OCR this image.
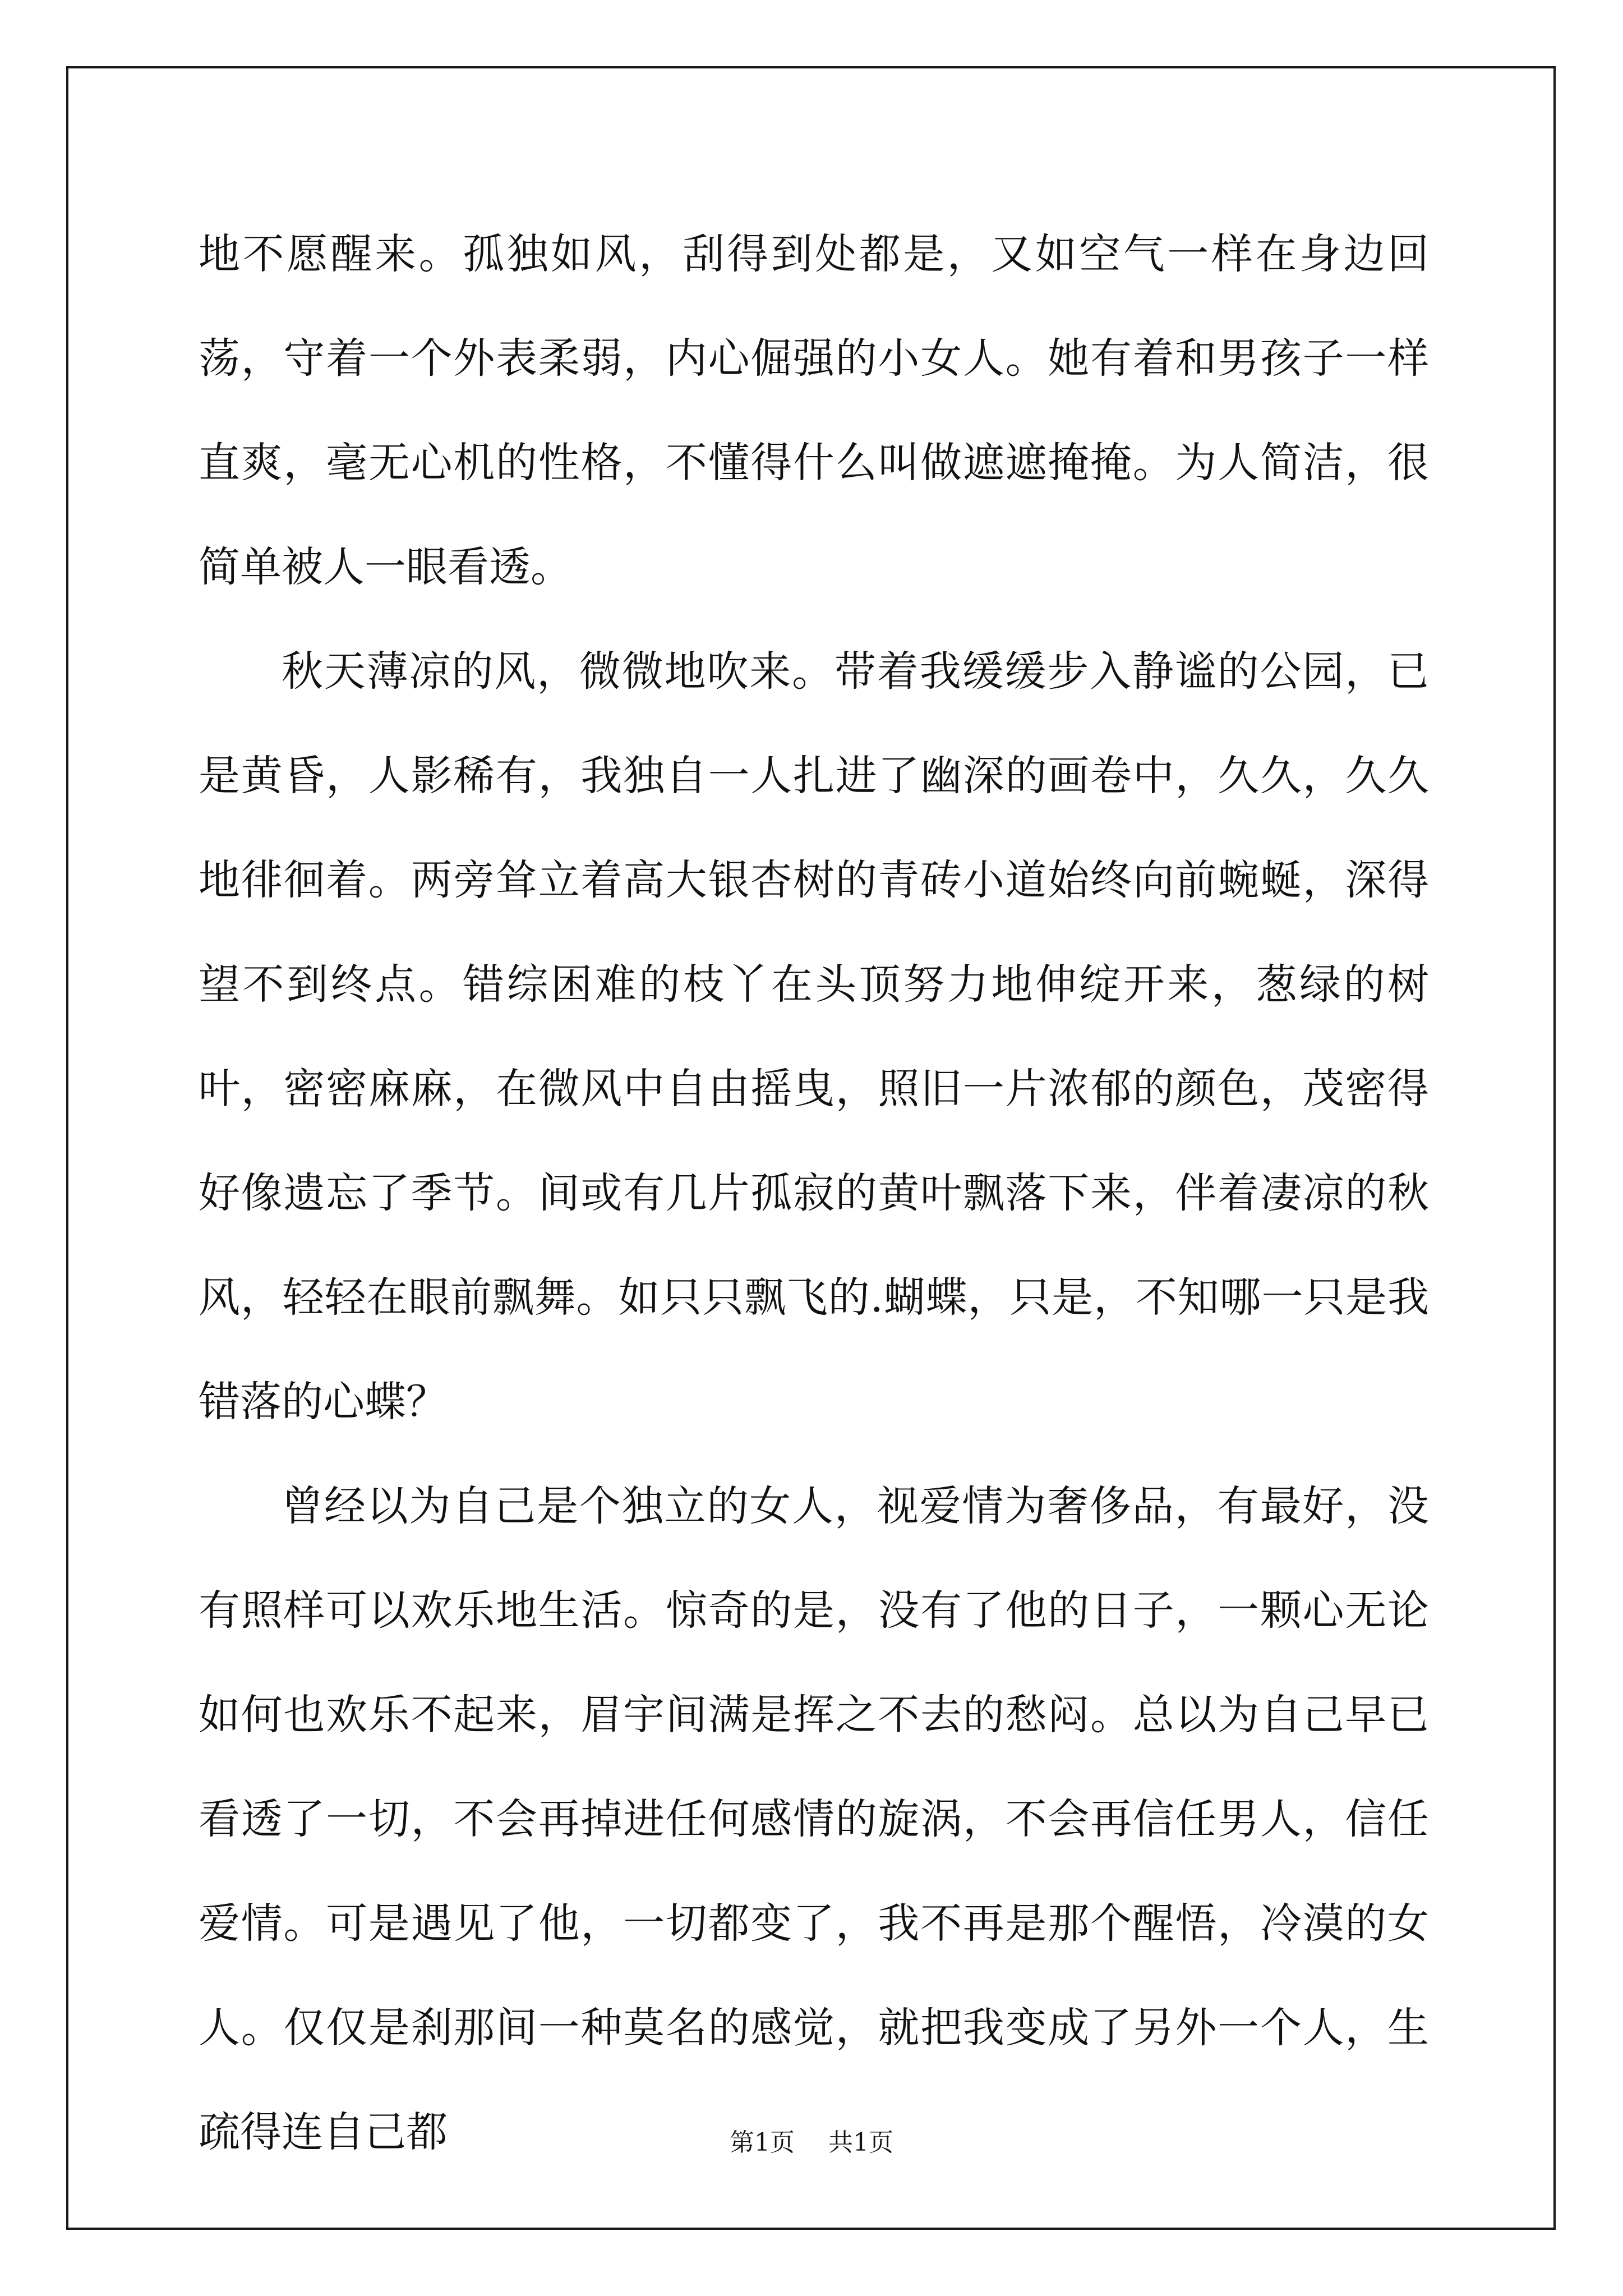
地不愿醒来。孤独如风，刮得到处都是，又如空气一样在身边回荡，守着一个外表柔弱，内心倔强的小女人。她有着和男孩子一样直爽，毫无心机的性格，不懂得什么叫做遮遮掩掩。为人简洁，很简单被人一眼看透。

秋天薄凉的风，微微地吹来。带着我缓缓步入静谧的公园，已是黄昏，人影稀有，我独自一人扎进了幽深的画卷中，久久，久久地徘徊着。两旁耸立着高大银杏树的青砖小道始终向前蜿蜒，深得望不到终点。错综困难的枝丫在头顶努力地伸绽开来，葱绿的树叶，密密麻麻，在微风中自由摇曳，照旧一片浓郁的颜色，茂密得好像遗忘了季节。间或有几片孤寂的黄叶飘落下来，伴着凄凉的秋风，轻轻在眼前飘舞。如只只飘飞的.蝴蝶，只是，不知哪一只是我错落的心蝶？

曾经以为自己是个独立的女人，视爱情为奢侈品，有最好，没有照样可以欢乐地生活。惊奇的是，没有了他的日子，一颗心无论如何也欢乐不起来，眉宇间满是挥之不去的愁闷。总以为自己早已看透了一切，不会再掉进任何感情的旋涡，不会再信任男人，信任爱情。可是遇见了他，一切都变了，我不再是那个醒悟，冷漠的女人。仅仅是刹那间一种莫名的感觉，就把我变成了另外一个人，生疏得连自己都	第1页 共1页
